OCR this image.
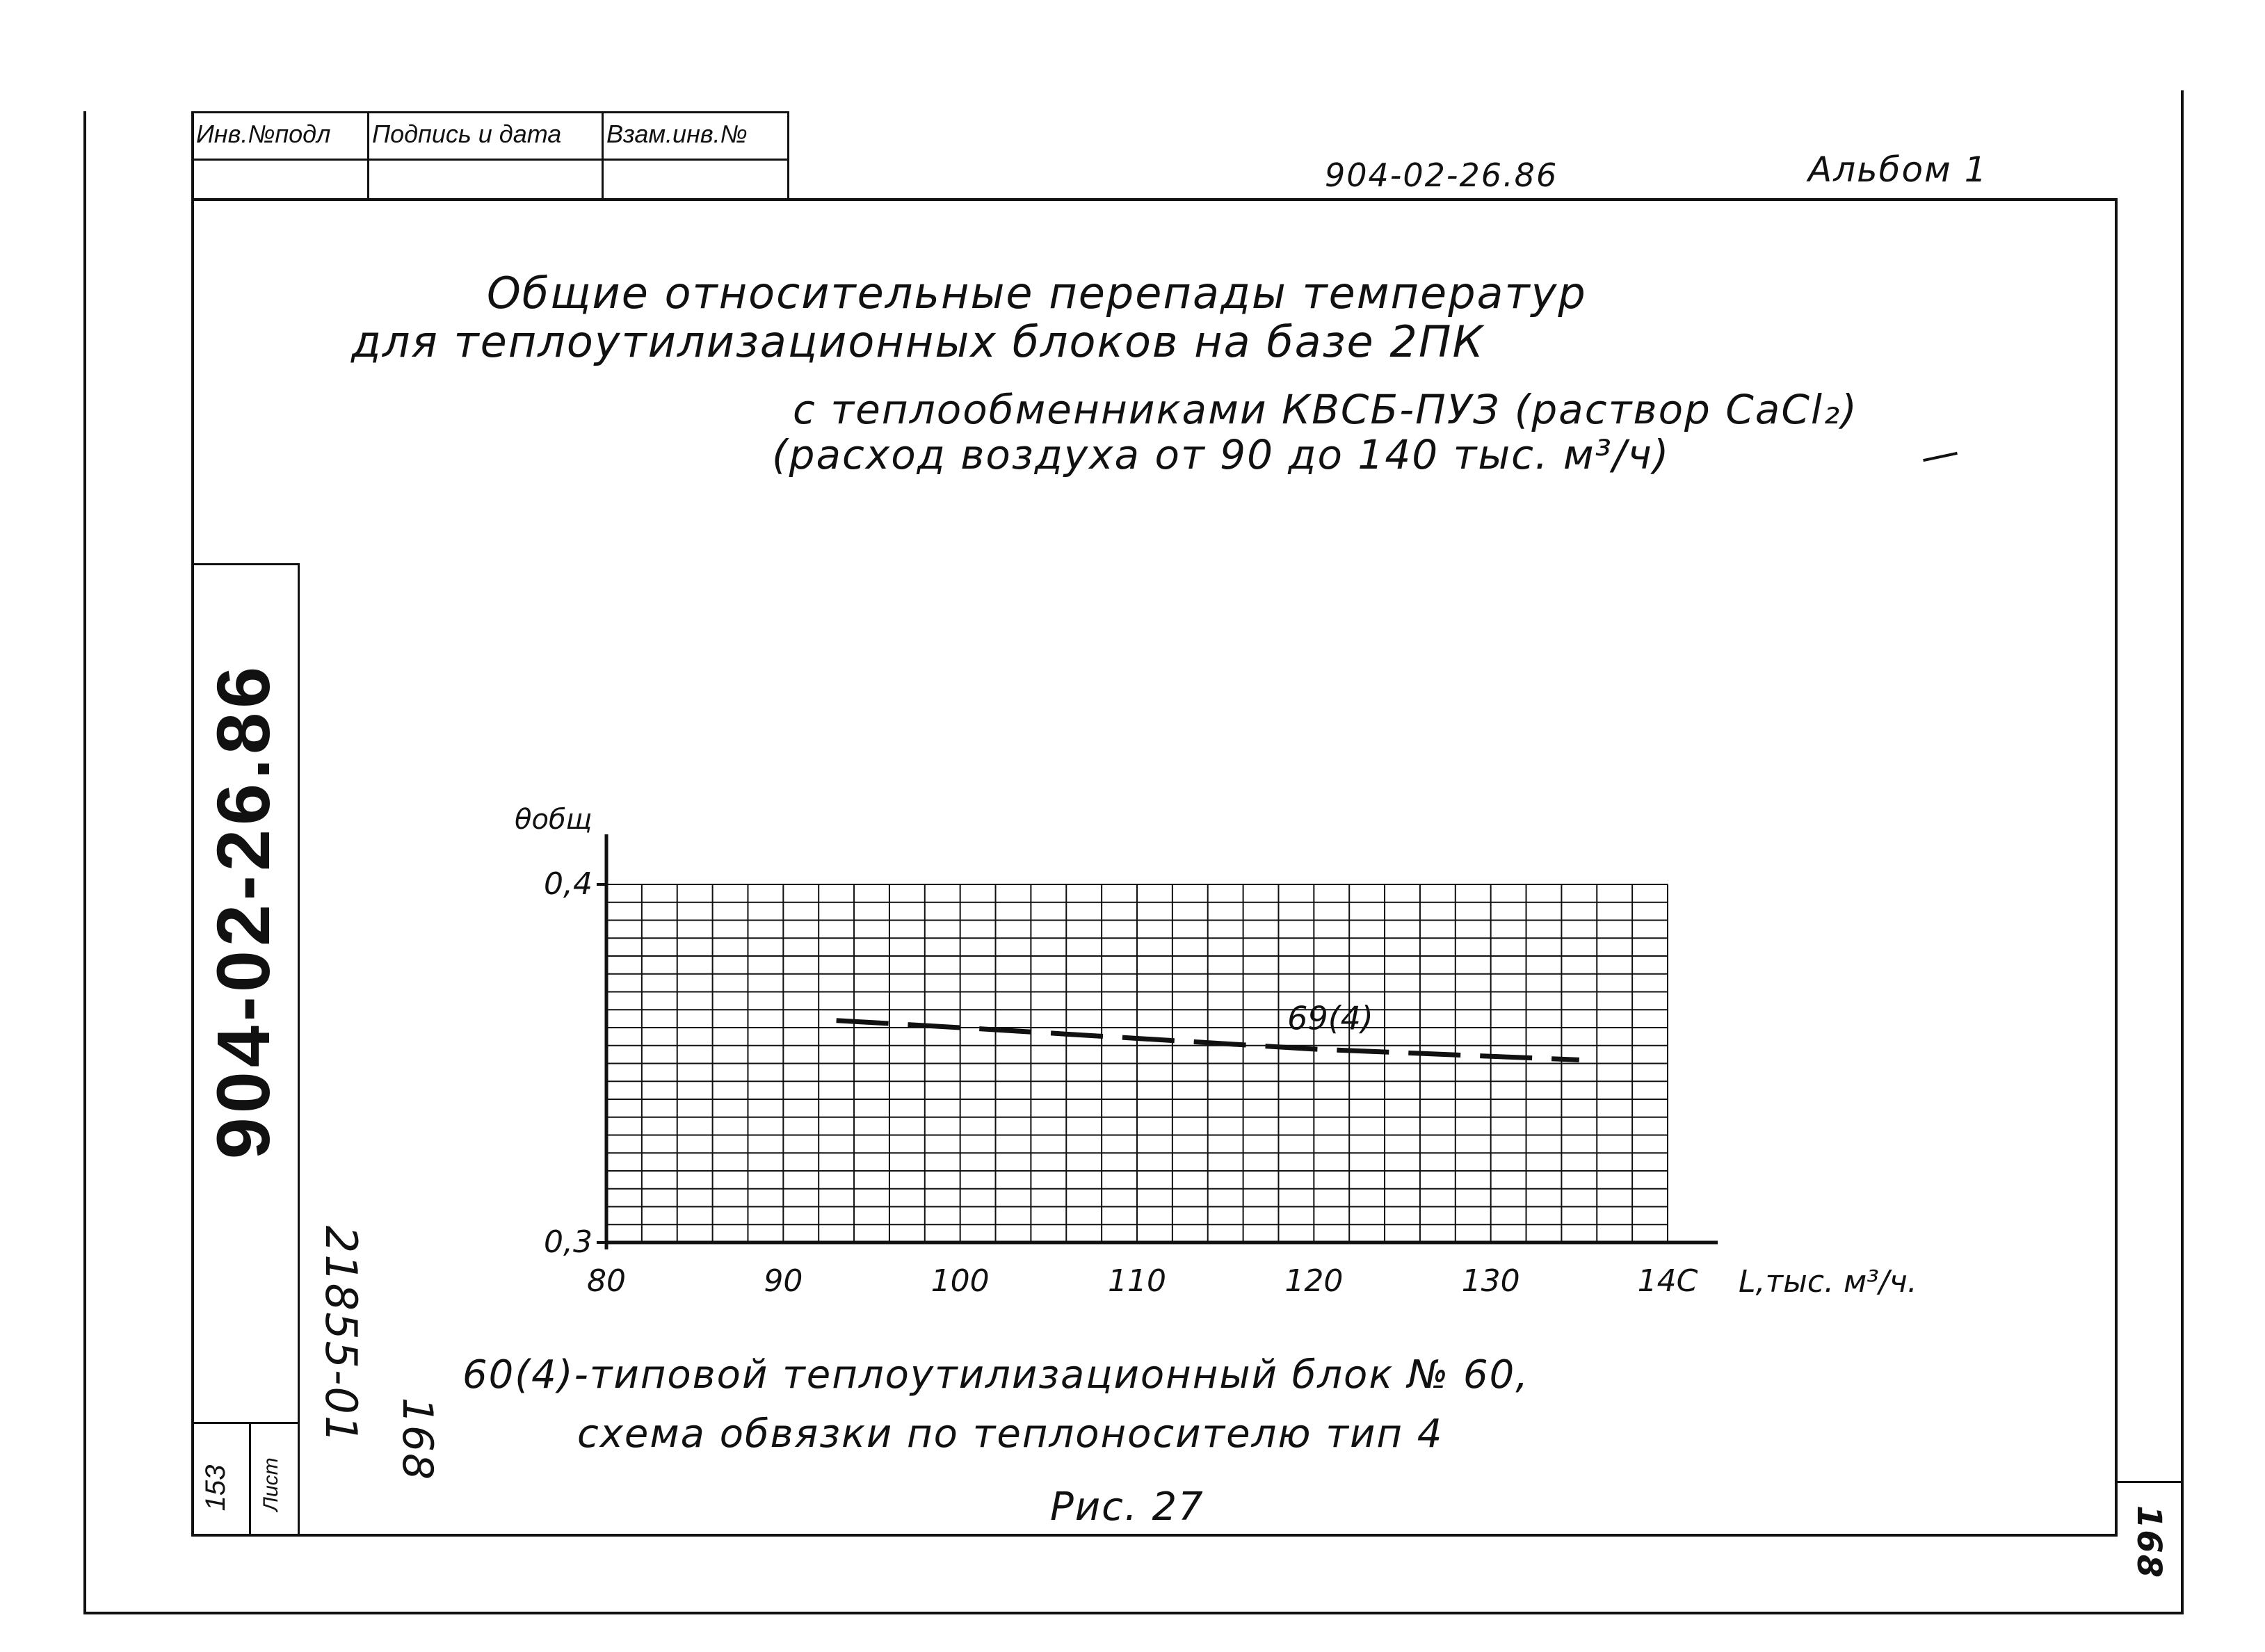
Инв.№подл Подпись и дата Взам.инв.№
904-02-26.86	Альбом 1
Общие относительные перепады температур
для теплоутилизационных блоков на базе 2ПК
с теплообменниками КВСБ-ПУЗ (раствор CaCl₂)
(расход воздуха от 90 до 140 тыс. м³/ч)
904-02-26.86
153 Лист
21855-01 168
168
80	90	100	110	120	130	14C
0,3
0,4
69(4)
θобщ
L,тыс. м³/ч.
60(4)-типовой теплоутилизационный блок № 60,
схема обвязки по теплоносителю тип 4
Рис. 27
